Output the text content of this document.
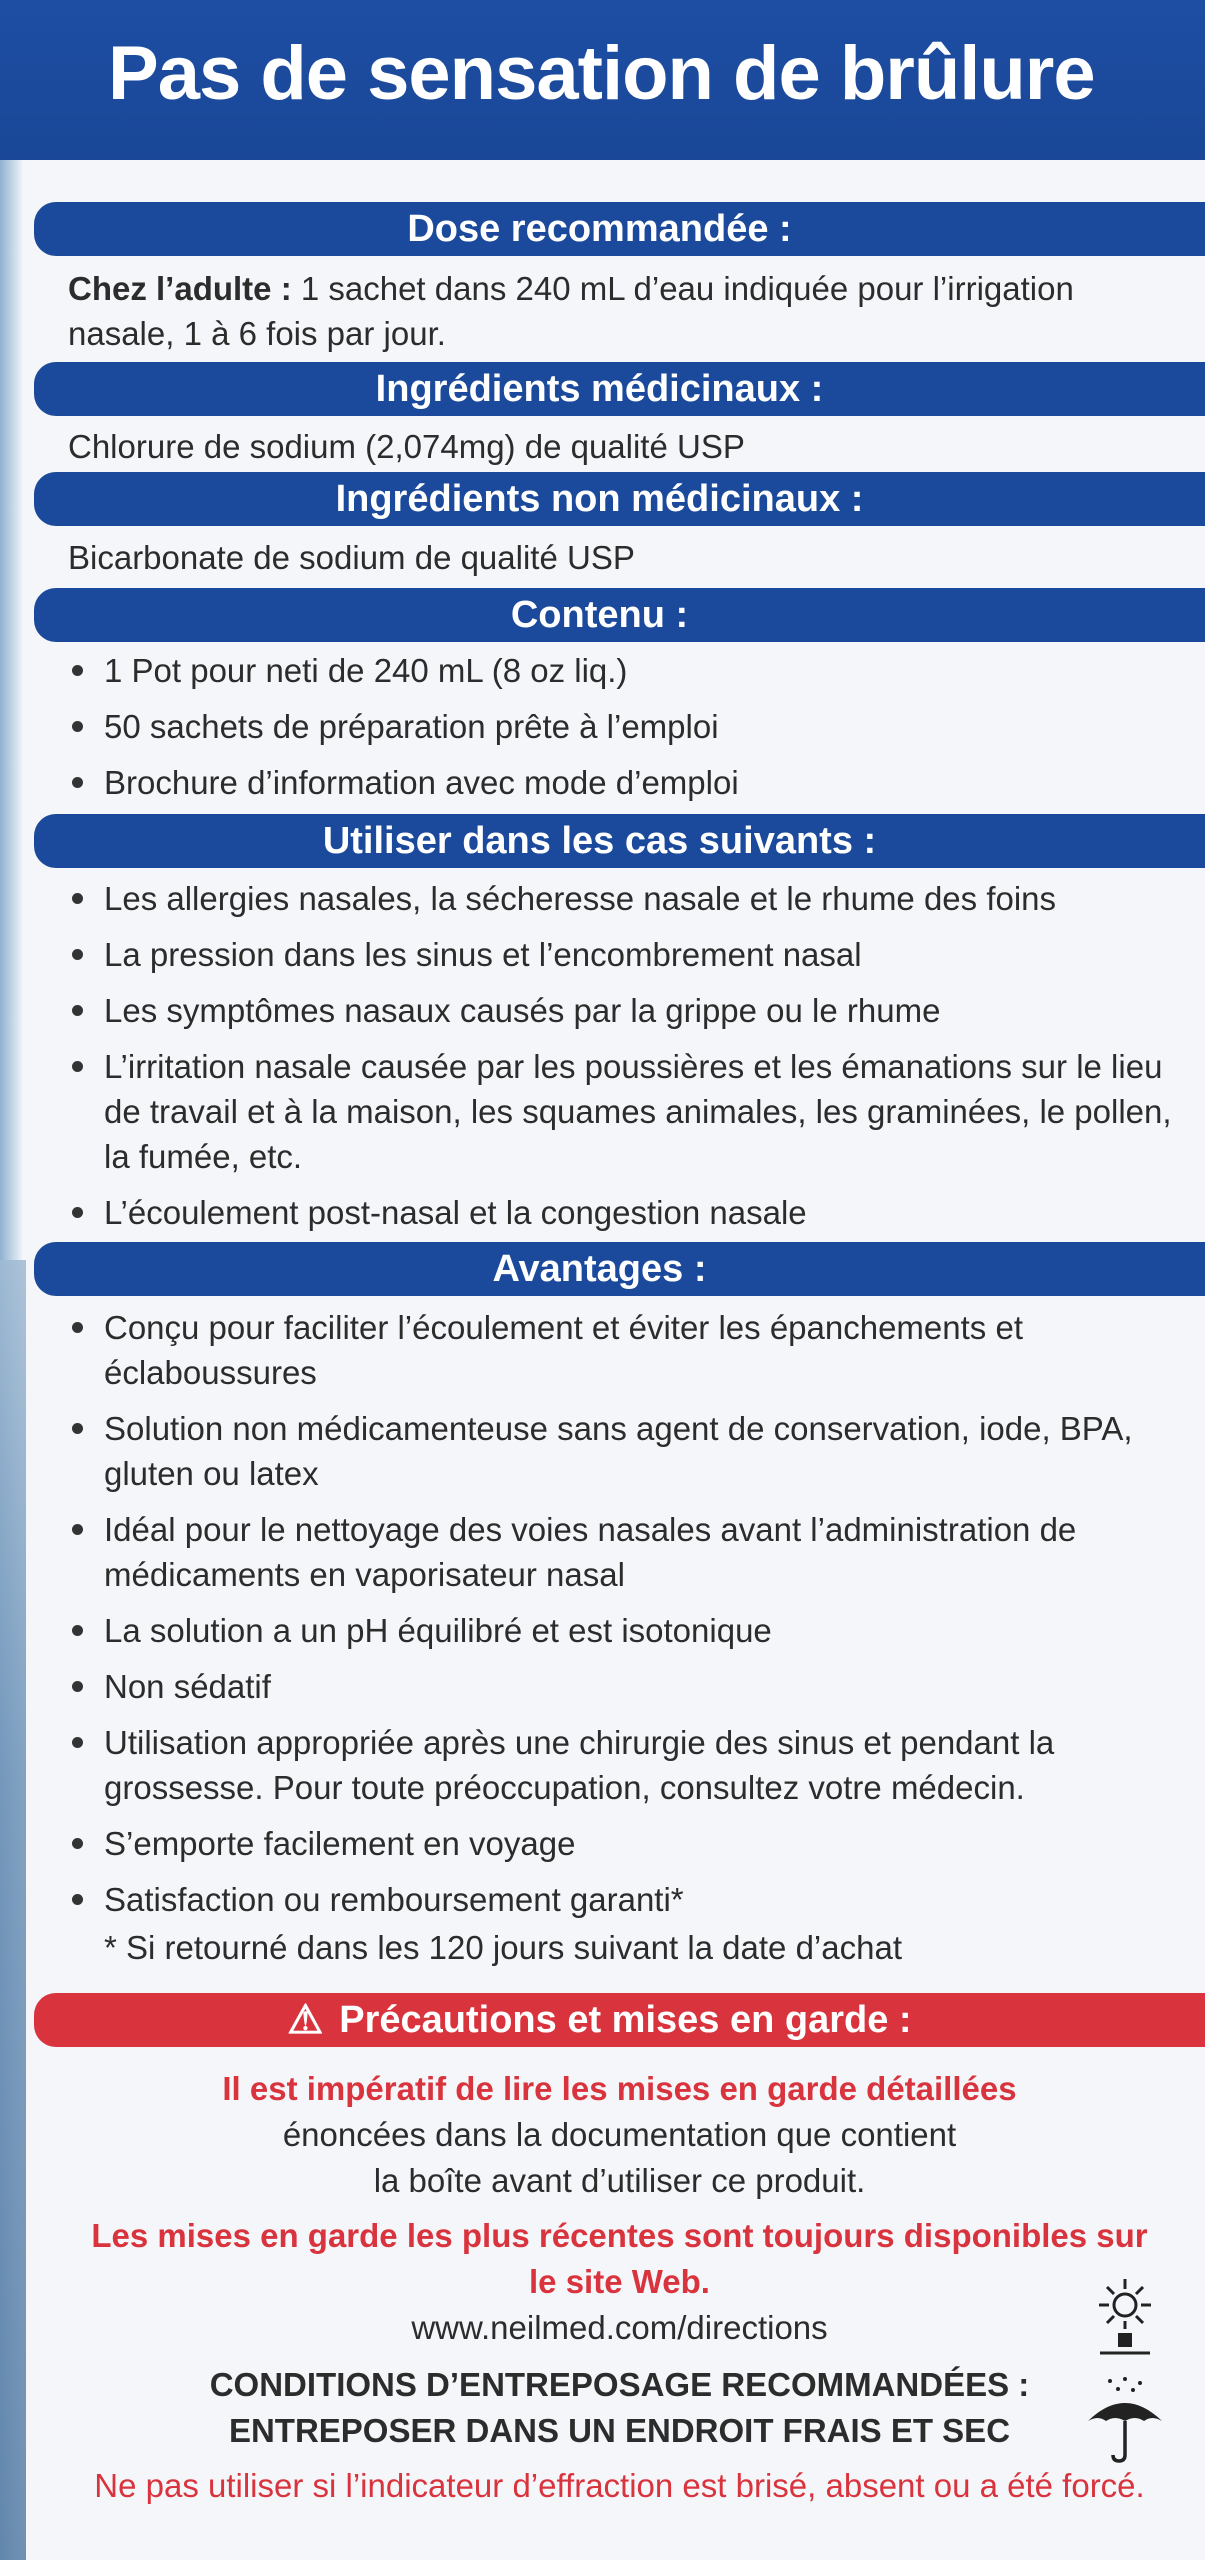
Pas de sensation de brûlure
Dose recommandée :
Chez l’adulte : 1 sachet dans 240 mL d’eau indiquée pour l’irrigation nasale, 1 à 6 fois par jour.
Ingrédients médicinaux :
Chlorure de sodium (2,074mg) de qualité USP
Ingrédients non médicinaux :
Bicarbonate de sodium de qualité USP
Contenu :
1 Pot pour neti de 240 mL (8 oz liq.)
50 sachets de préparation prête à l’emploi
Brochure d’information avec mode d’emploi
Utiliser dans les cas suivants :
Les allergies nasales, la sécheresse nasale et le rhume des foins
La pression dans les sinus et l’encombrement nasal
Les symptômes nasaux causés par la grippe ou le rhume
L’irritation nasale causée par les poussières et les émanations sur le lieu de travail et à la maison, les squames animales, les graminées, le pollen, la fumée, etc.
L’écoulement post-nasal et la congestion nasale
Avantages :
Conçu pour faciliter l’écoulement et éviter les épanchements et éclaboussures
Solution non médicamenteuse sans agent de conservation, iode, BPA, gluten ou latex
Idéal pour le nettoyage des voies nasales avant l’administration de médicaments en vaporisateur nasal
La solution a un pH équilibré et est isotonique
Non sédatif
Utilisation appropriée après une chirurgie des sinus et pendant la grossesse. Pour toute préoccupation, consultez votre médecin.
S’emporte facilement en voyage
Satisfaction ou remboursement garanti*
* Si retourné dans les 120 jours suivant la date d’achat
⚠ Précautions et mises en garde :
Il est impératif de lire les mises en garde détaillées
énoncées dans la documentation que contient
la boîte avant d’utiliser ce produit.
Les mises en garde les plus récentes sont toujours disponibles sur
le site Web.
www.neilmed.com/directions
CONDITIONS D’ENTREPOSAGE RECOMMANDÉES :
ENTREPOSER DANS UN ENDROIT FRAIS ET SEC
Ne pas utiliser si l’indicateur d’effraction est brisé, absent ou a été forcé.
